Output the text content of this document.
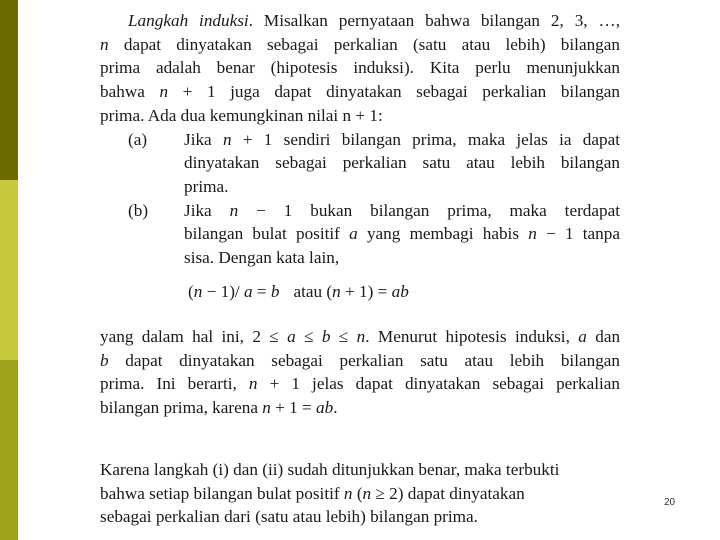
Langkah induksi. Misalkan pernyataan bahwa bilangan 2, 3, …,
n dapat dinyatakan sebagai perkalian (satu atau lebih) bilangan
prima adalah benar (hipotesis induksi). Kita perlu menunjukkan
bahwa n + 1 juga dapat dinyatakan sebagai perkalian bilangan
prima. Ada dua kemungkinan nilai n + 1:
(a) Jika n + 1 sendiri bilangan prima, maka jelas ia dapat
dinyatakan sebagai perkalian satu atau lebih bilangan
prima.
(b) Jika n − 1 bukan bilangan prima, maka terdapat
bilangan bulat positif a yang membagi habis n − 1 tanpa
sisa. Dengan kata lain,
(n − 1)/ a = b atau (n + 1) = ab
yang dalam hal ini, 2 ≤ a ≤ b ≤ n. Menurut hipotesis induksi, a dan
b dapat dinyatakan sebagai perkalian satu atau lebih bilangan
prima. Ini berarti, n + 1 jelas dapat dinyatakan sebagai perkalian
bilangan prima, karena n + 1 = ab.
Karena langkah (i) dan (ii) sudah ditunjukkan benar, maka terbukti
bahwa setiap bilangan bulat positif n (n ≥ 2) dapat dinyatakan
sebagai perkalian dari (satu atau lebih) bilangan prima.
20
